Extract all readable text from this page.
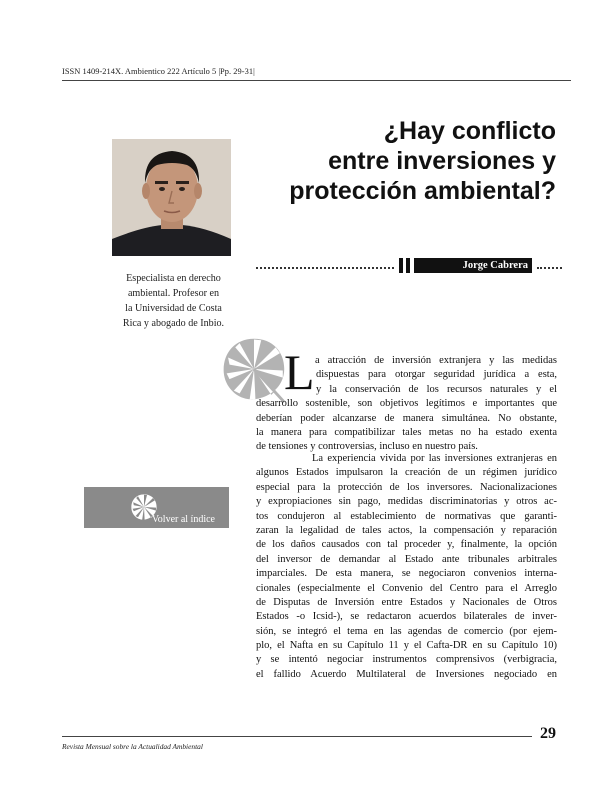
ISSN 1409-214X. Ambientico 222 Artículo 5 |Pp. 29-31|
¿Hay conflicto
entre inversiones y
protección ambiental?
Jorge Cabrera
Especialista en derecho
ambiental. Profesor en
la Universidad de Costa
Rica y abogado de Inbio.
L a atracción de inversión extranjera y las medidas
dispuestas para otorgar seguridad jurídica a esta,
y la conservación de los recursos naturales y el
desarrollo sostenible, son objetivos legítimos e importantes que
deberían poder alcanzarse de manera simultánea. No obstante,
la manera para compatibilizar tales metas no ha estado exenta
de tensiones y controversias, incluso en nuestro país.
La experiencia vivida por las inversiones extranjeras en
algunos Estados impulsaron la creación de un régimen jurídico
especial para la protección de los inversores. Nacionalizaciones
y expropiaciones sin pago, medidas discriminatorias y otros ac-
tos condujeron al establecimiento de normativas que garanti-
zaran la legalidad de tales actos, la compensación y reparación
de los daños causados con tal proceder y, finalmente, la opción
del inversor de demandar al Estado ante tribunales arbitrales
imparciales. De esta manera, se negociaron convenios interna-
cionales (especialmente el Convenio del Centro para el Arreglo
de Disputas de Inversión entre Estados y Nacionales de Otros
Estados -o Icsid-), se redactaron acuerdos bilaterales de inver-
sión, se integró el tema en las agendas de comercio (por ejem-
plo, el Nafta en su Capítulo 11 y el Cafta-DR en su Capítulo 10)
y se intentó negociar instrumentos comprensivos (verbigracia,
el fallido Acuerdo Multilateral de Inversiones negociado en
Volver al índice
29
Revista Mensual sobre la Actualidad Ambiental
